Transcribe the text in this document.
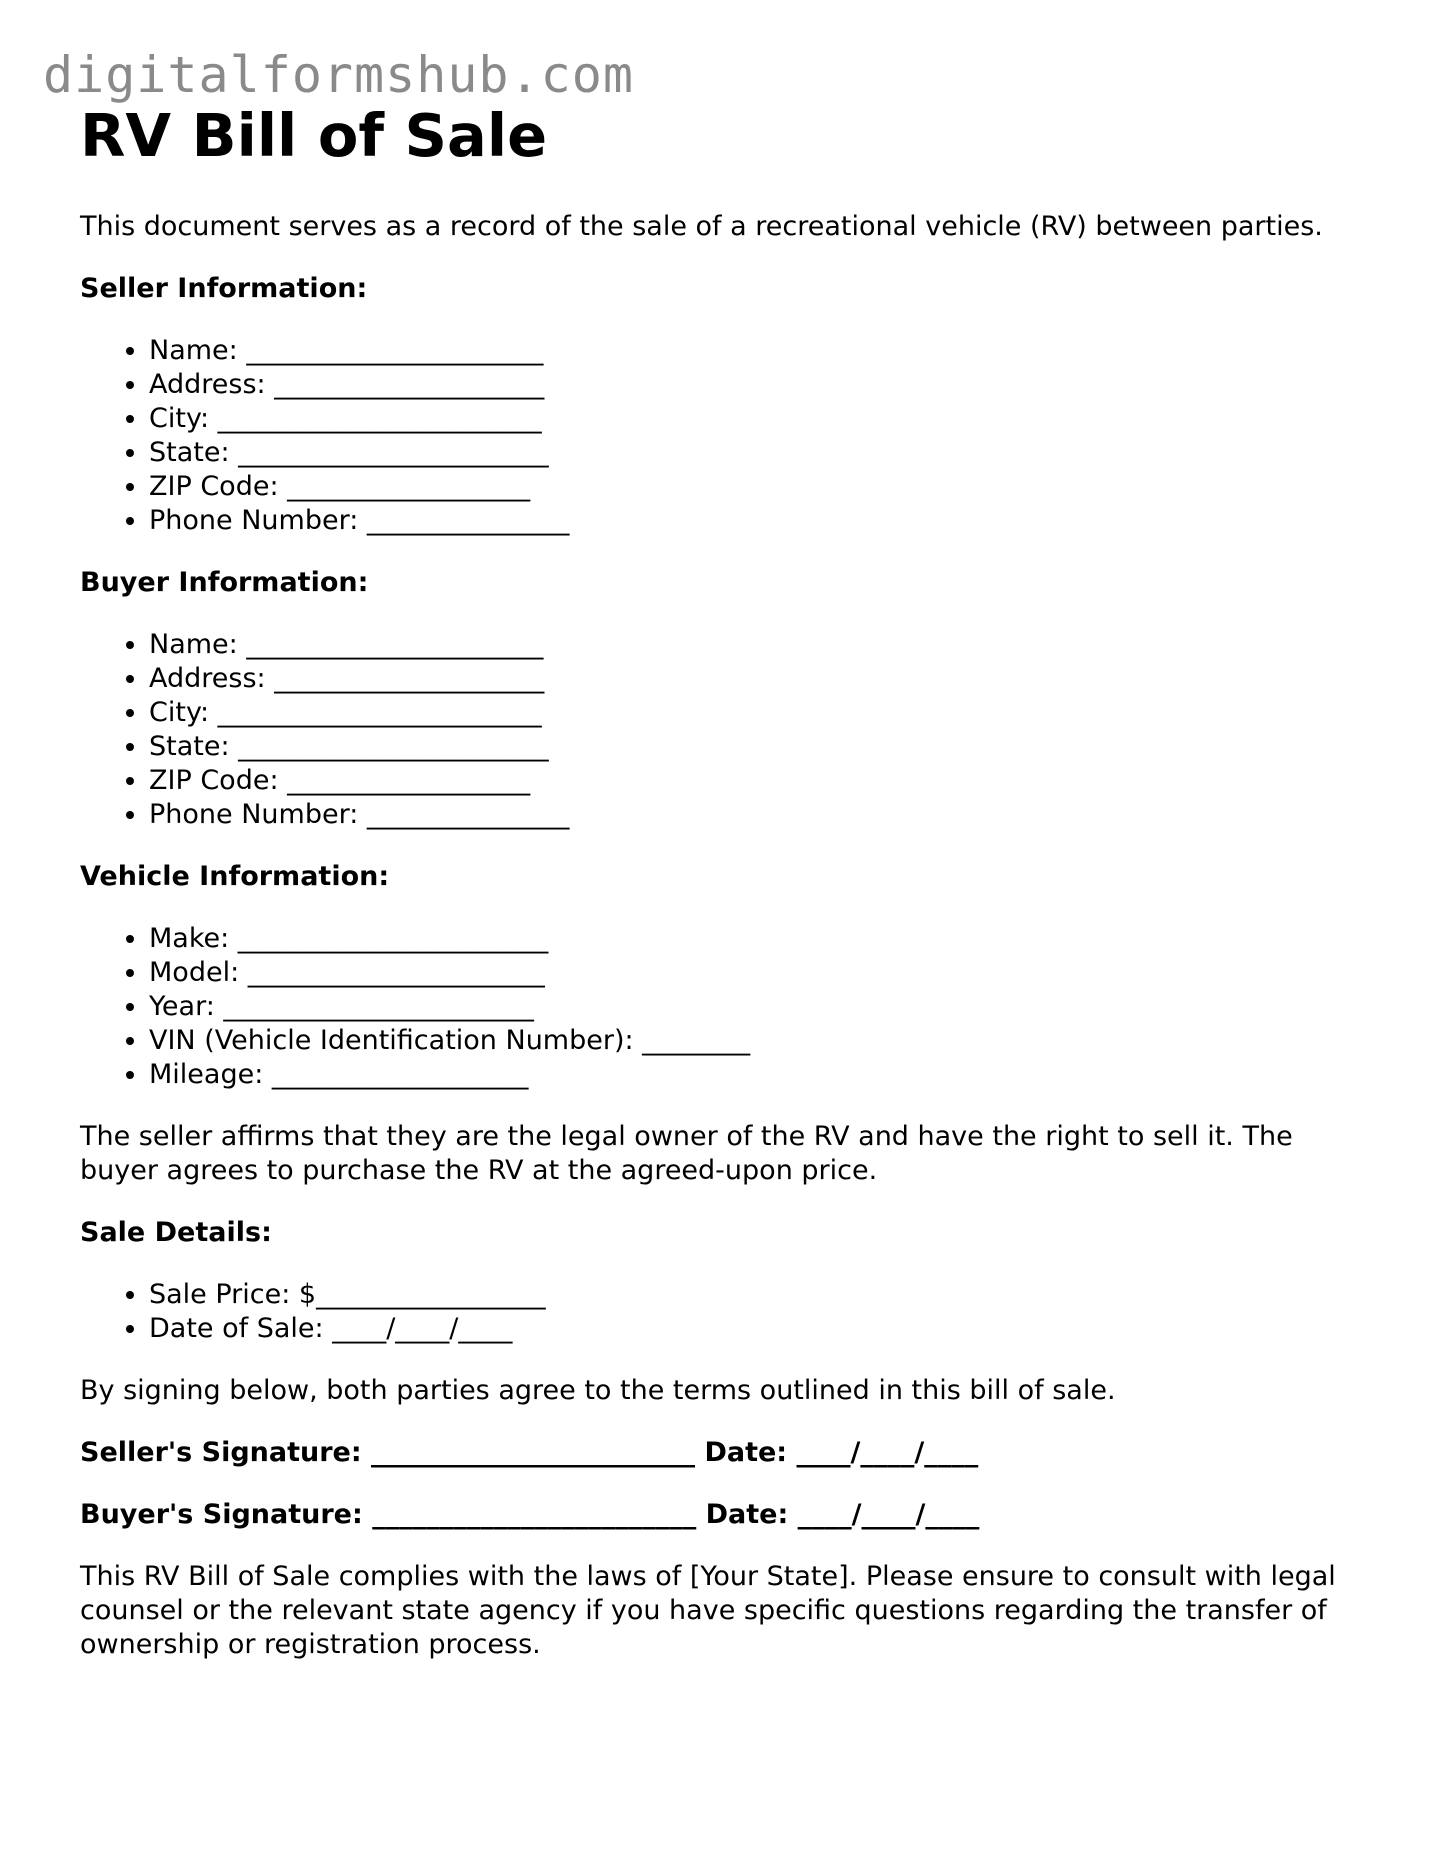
digitalformshub.com
RV Bill of Sale

This document serves as a record of the sale of a recreational vehicle (RV) between parties.

Seller Information:

• Name: ______________________
• Address: ____________________
• City: ________________________
• State: _______________________
• ZIP Code: __________________
• Phone Number: _______________

Buyer Information:

• Name: ______________________
• Address: ____________________
• City: ________________________
• State: _______________________
• ZIP Code: __________________
• Phone Number: _______________

Vehicle Information:

• Make: _______________________
• Model: ______________________
• Year: _______________________
• VIN (Vehicle Identification Number): ________
• Mileage: ___________________

The seller affirms that they are the legal owner of the RV and have the right to sell it. The buyer agrees to purchase the RV at the agreed-upon price.

Sale Details:

• Sale Price: $_________________
• Date of Sale: ____/____/____

By signing below, both parties agree to the terms outlined in this bill of sale.

Seller's Signature: ________________________ Date: ____/____/____

Buyer's Signature: ________________________ Date: ____/____/____

This RV Bill of Sale complies with the laws of [Your State]. Please ensure to consult with legal counsel or the relevant state agency if you have specific questions regarding the transfer of ownership or registration process.
